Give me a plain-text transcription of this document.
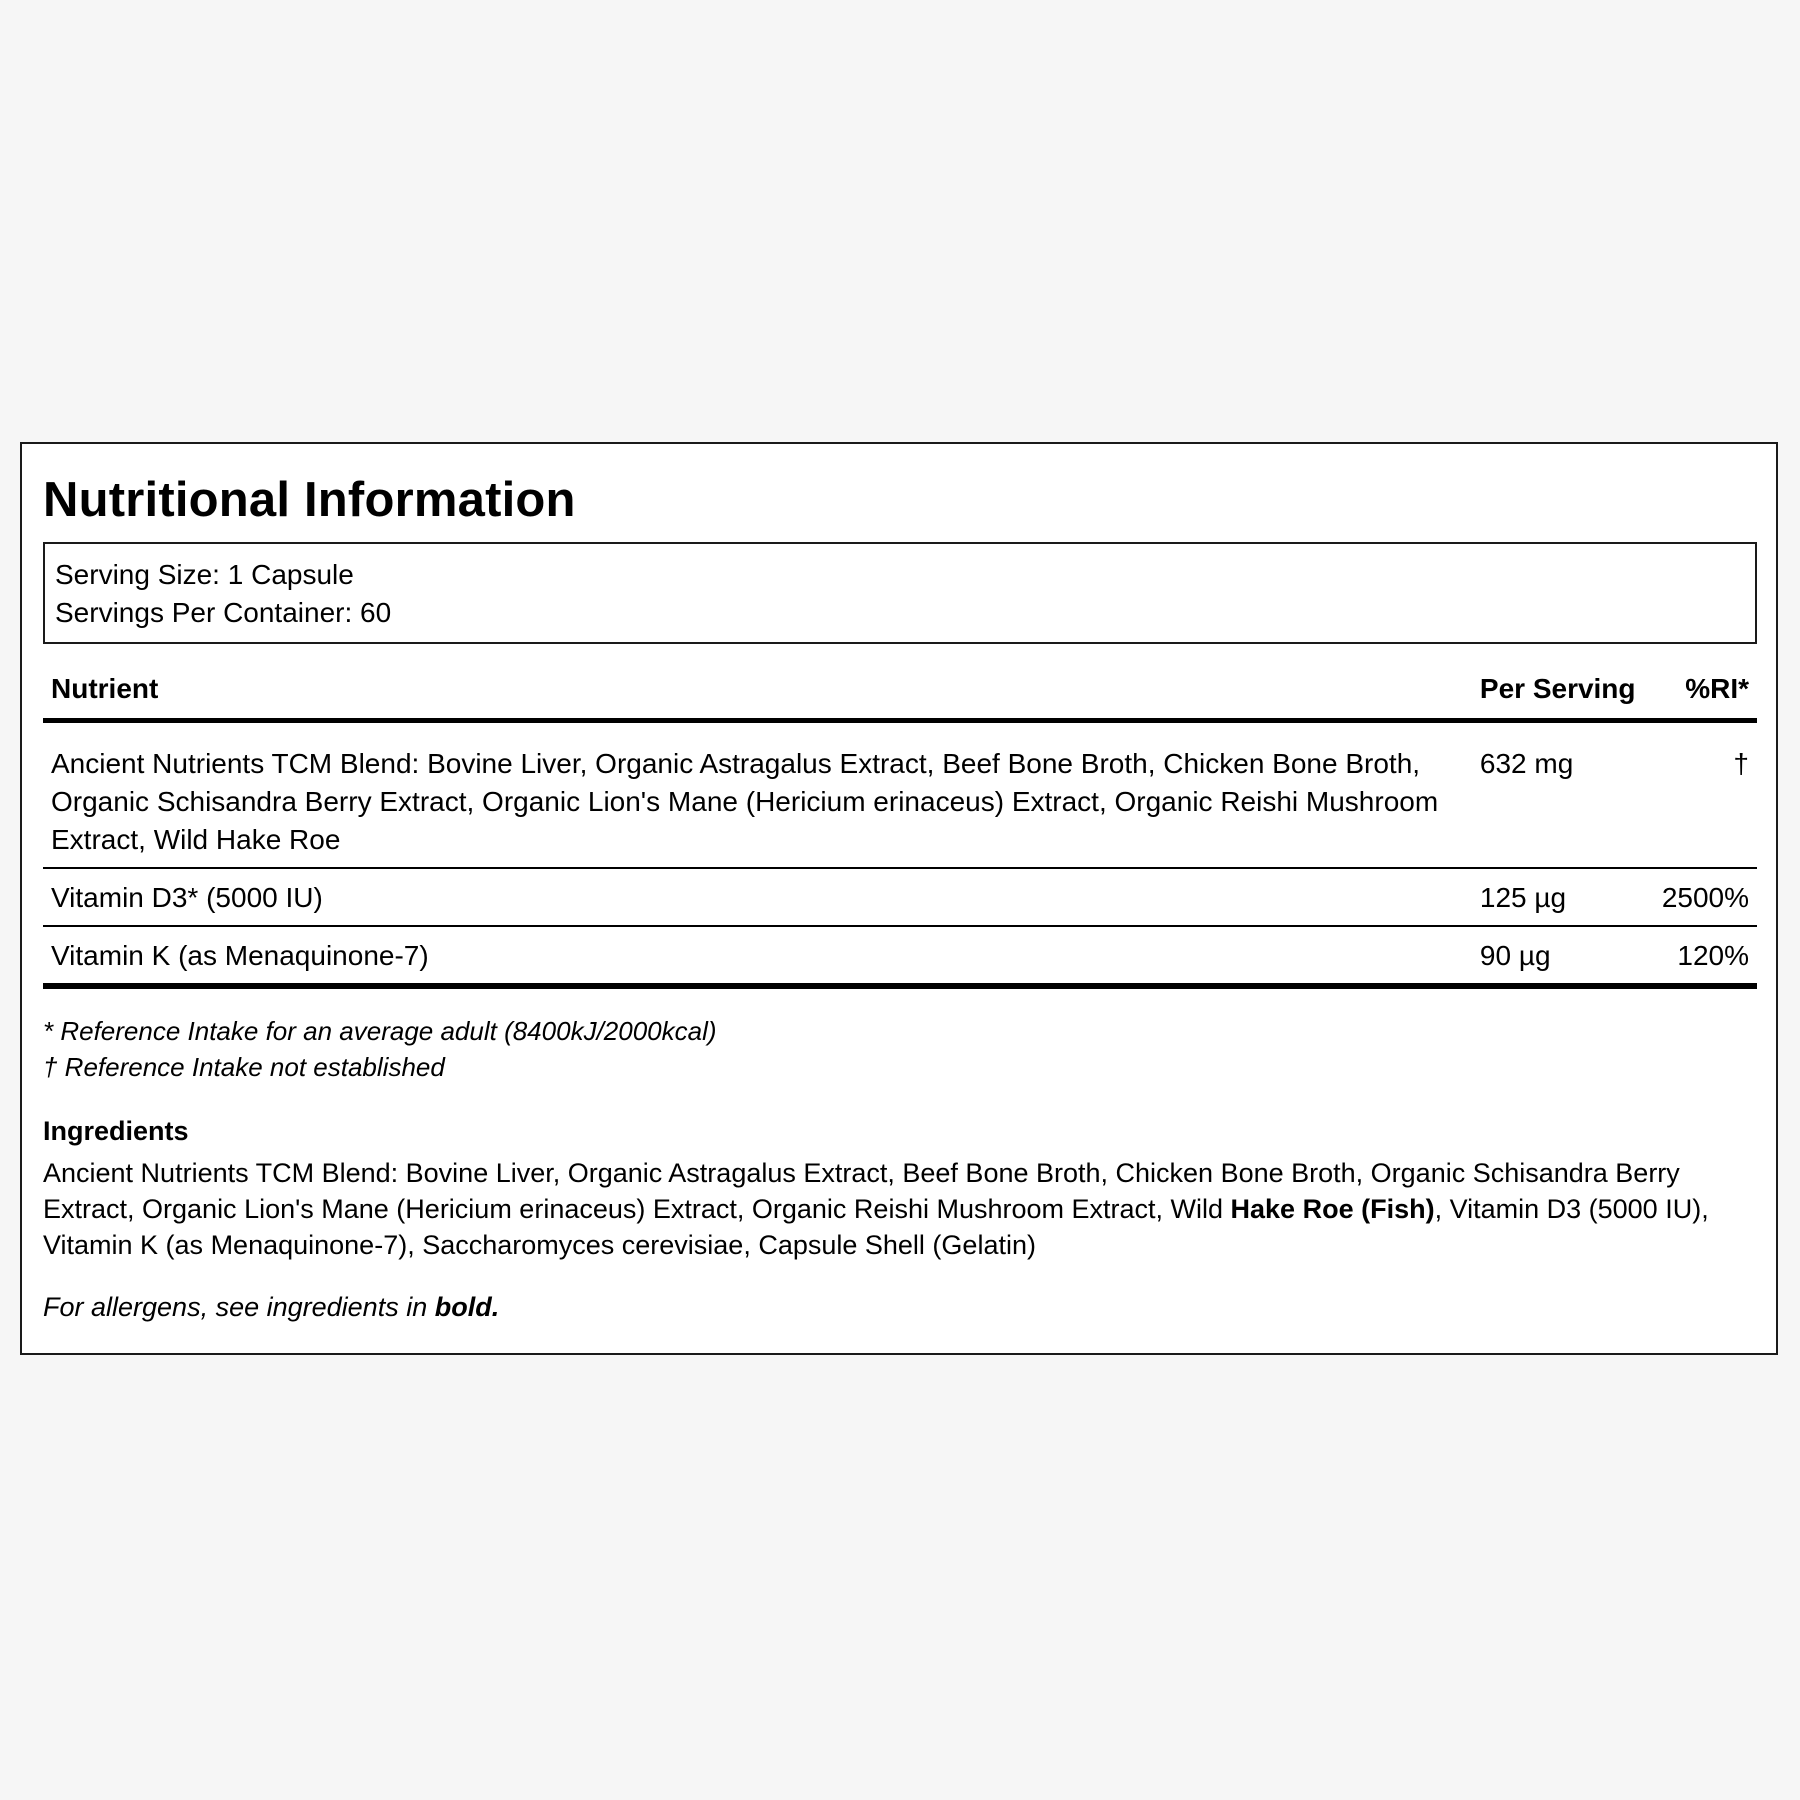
Nutritional Information
Serving Size: 1 Capsule
Servings Per Container: 60
Nutrient	Per Serving	%RI*
Ancient Nutrients TCM Blend: Bovine Liver, Organic Astragalus Extract, Beef Bone Broth, Chicken Bone Broth, Organic Schisandra Berry Extract, Organic Lion's Mane (Hericium erinaceus) Extract, Organic Reishi Mushroom Extract, Wild Hake Roe	632 mg	†
Vitamin D3* (5000 IU)	125 µg	2500%
Vitamin K (as Menaquinone-7)	90 µg	120%
* Reference Intake for an average adult (8400kJ/2000kcal)
† Reference Intake not established
Ingredients
Ancient Nutrients TCM Blend: Bovine Liver, Organic Astragalus Extract, Beef Bone Broth, Chicken Bone Broth, Organic Schisandra Berry Extract, Organic Lion's Mane (Hericium erinaceus) Extract, Organic Reishi Mushroom Extract, Wild Hake Roe (Fish), Vitamin D3 (5000 IU), Vitamin K (as Menaquinone-7), Saccharomyces cerevisiae, Capsule Shell (Gelatin)
For allergens, see ingredients in bold.
